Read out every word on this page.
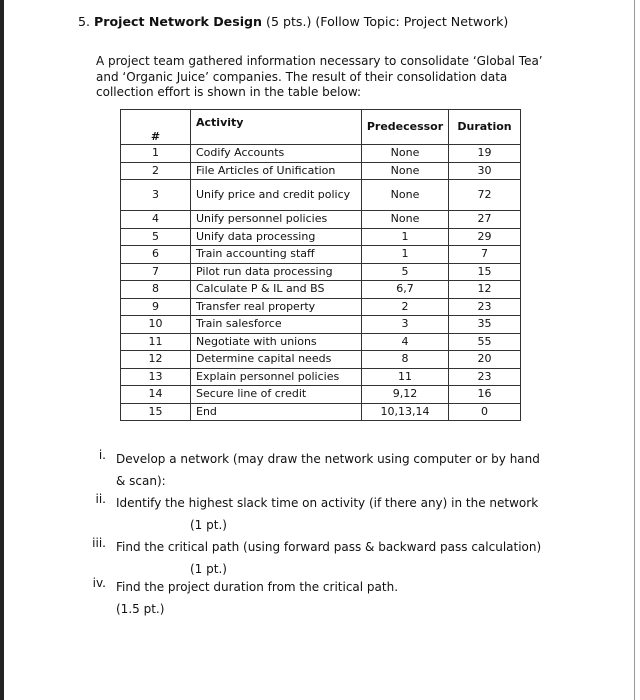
5. Project Network Design (5 pts.) (Follow Topic: Project Network)
A project team gathered information necessary to consolidate ‘Global Tea’
and ‘Organic Juice’ companies. The result of their consolidation data
collection effort is shown in the table below:
#	Activity	Predecessor	Duration
1	Codify Accounts	None	19
2	File Articles of Unification	None	30
3	Unify price and credit policy	None	72
4	Unify personnel policies	None	27
5	Unify data processing	1	29
6	Train accounting staff	1	7
7	Pilot run data processing	5	15
8	Calculate P & IL and BS	6,7	12
9	Transfer real property	2	23
10	Train salesforce	3	35
11	Negotiate with unions	4	55
12	Determine capital needs	8	20
13	Explain personnel policies	11	23
14	Secure line of credit	9,12	16
15	End	10,13,14	0
i. Develop a network (may draw the network using computer or by hand
& scan):
ii. Identify the highest slack time on activity (if there any) in the network
(1 pt.)
iii. Find the critical path (using forward pass & backward pass calculation)
(1 pt.)
iv. Find the project duration from the critical path.
(1.5 pt.)
